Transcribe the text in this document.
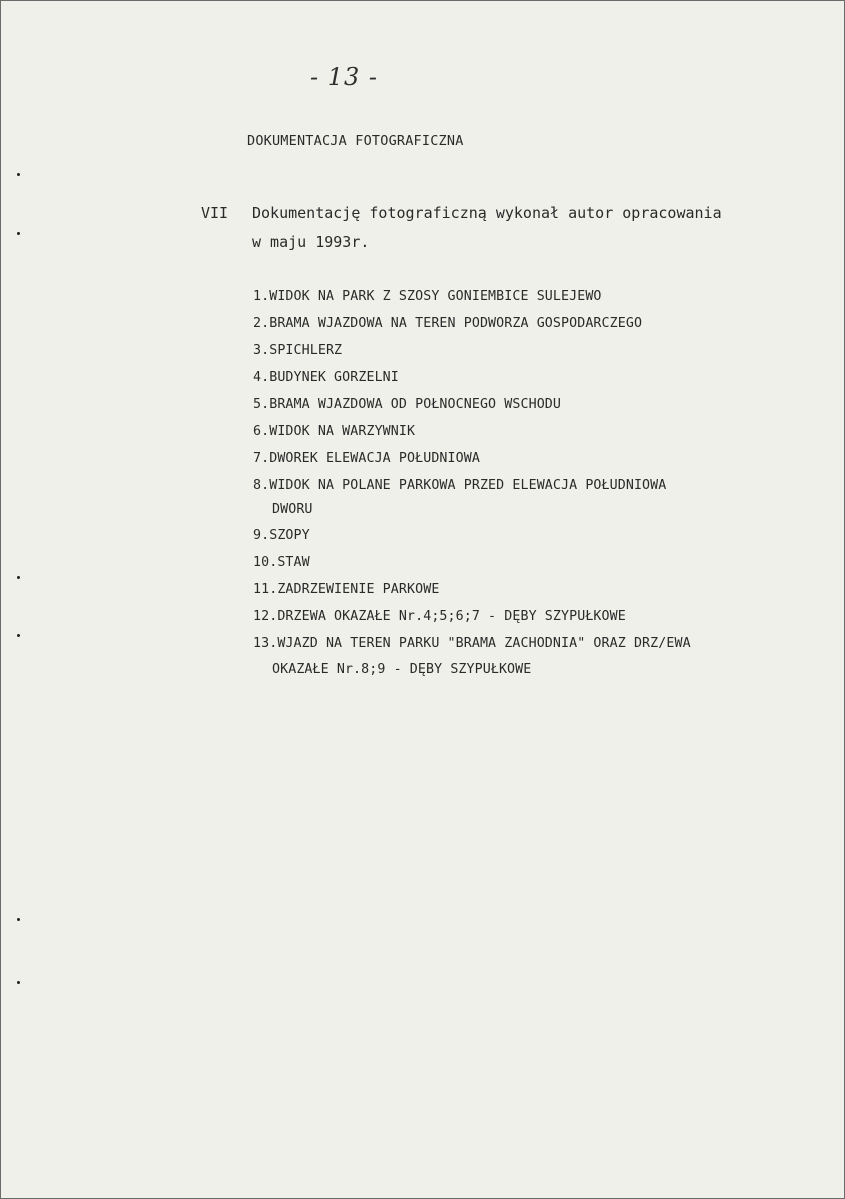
- 13 -
DOKUMENTACJA FOTOGRAFICZNA
VII Dokumentację fotograficzną wykonał autor opracowania
w maju 1993r.
1.WIDOK NA PARK Z SZOSY GONIEMBICE SULEJEWO
2.BRAMA WJAZDOWA NA TEREN PODWORZA GOSPODARCZEGO
3.SPICHLERZ
4.BUDYNEK GORZELNI
5.BRAMA WJAZDOWA OD POŁNOCNEGO WSCHODU
6.WIDOK NA WARZYWNIK
7.DWOREK ELEWACJA POŁUDNIOWA
8.WIDOK NA POLANE PARKOWA PRZED ELEWACJA POŁUDNIOWA
DWORU
9.SZOPY
10.STAW
11.ZADRZEWIENIE PARKOWE
12.DRZEWA OKAZAŁE Nr.4;5;6;7 - DĘBY SZYPUŁKOWE
13.WJAZD NA TEREN PARKU "BRAMA ZACHODNIA" ORAZ DRZ/EWA
OKAZAŁE Nr.8;9 - DĘBY SZYPUŁKOWE
